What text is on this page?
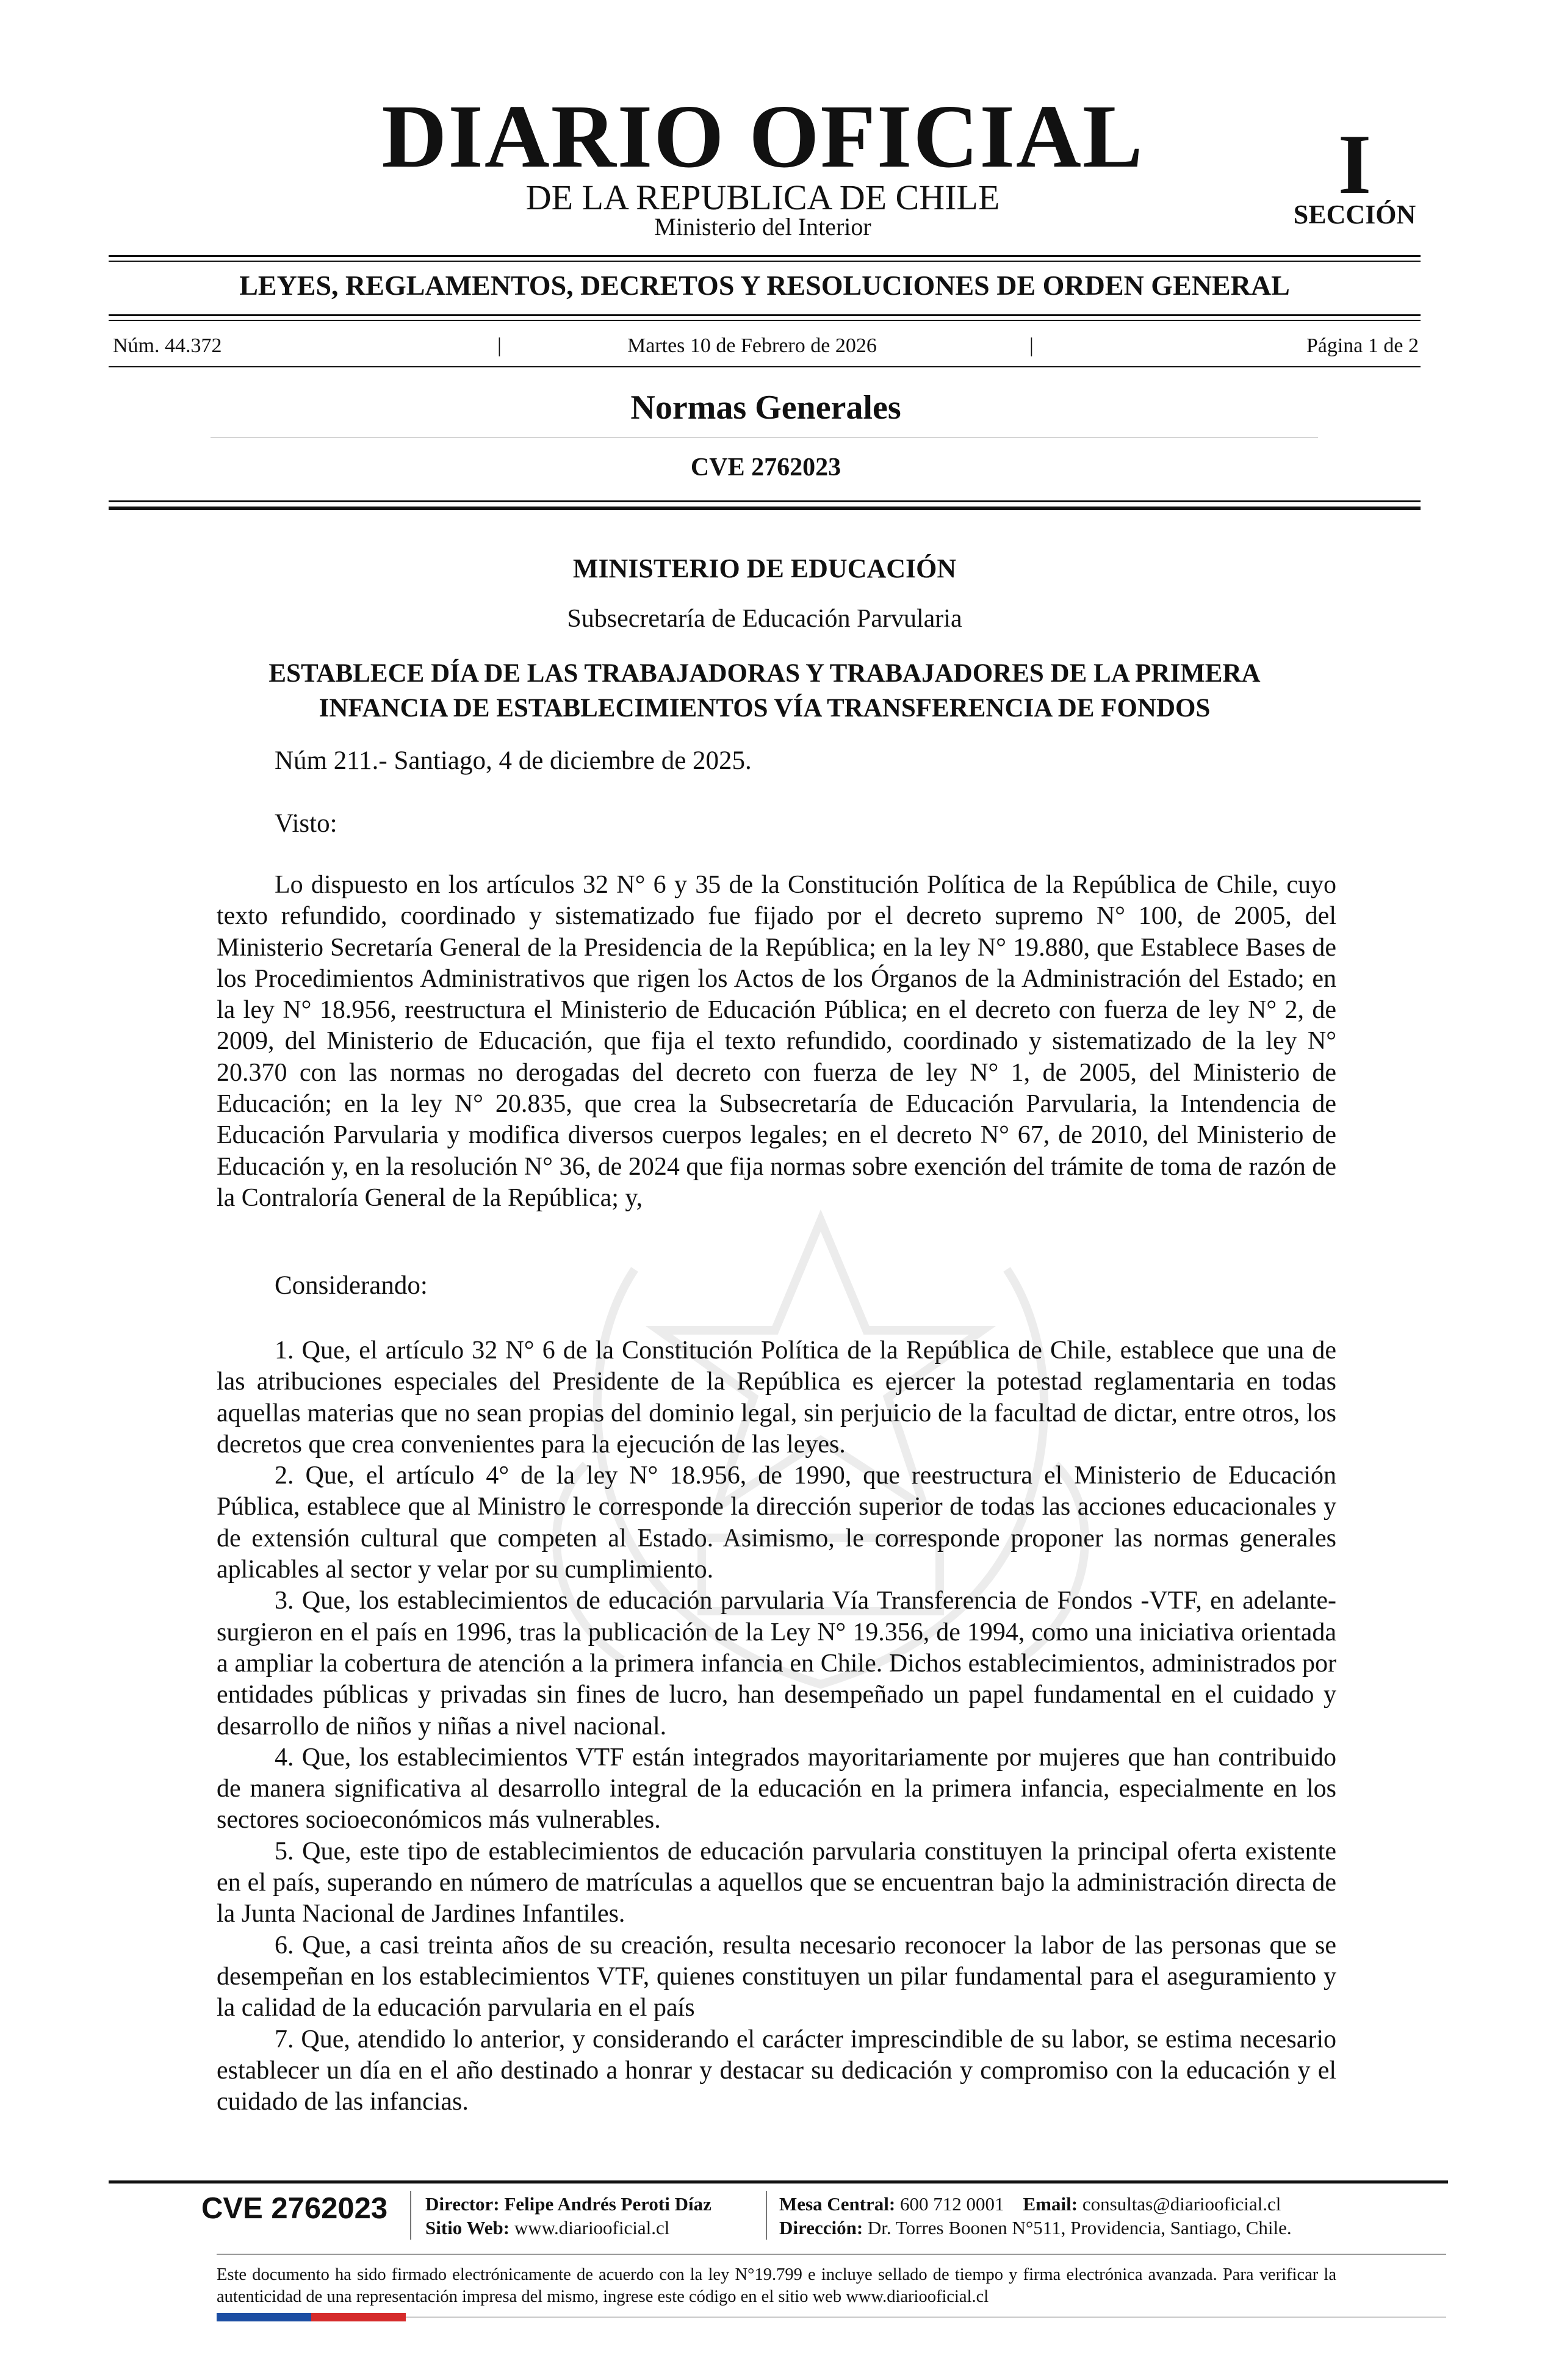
DIARIO OFICIAL
DE LA REPUBLICA DE CHILE
Ministerio del Interior
I
SECCIÓN
LEYES, REGLAMENTOS, DECRETOS Y RESOLUCIONES DE ORDEN GENERAL
Núm. 44.372	|	Martes 10 de Febrero de 2026	|	Página 1 de 2
Normas Generales
CVE 2762023
MINISTERIO DE EDUCACIÓN
Subsecretaría de Educación Parvularia
ESTABLECE DÍA DE LAS TRABAJADORAS Y TRABAJADORES DE LA PRIMERA
INFANCIA DE ESTABLECIMIENTOS VÍA TRANSFERENCIA DE FONDOS
Núm 211.- Santiago, 4 de diciembre de 2025.
Visto:

Lo dispuesto en los artículos 32 N° 6 y 35 de la Constitución Política de la República de Chile, cuyo texto refundido, coordinado y sistematizado fue fijado por el decreto supremo N° 100, de 2005, del Ministerio Secretaría General de la Presidencia de la República; en la ley N° 19.880, que Establece Bases de los Procedimientos Administrativos que rigen los Actos de los Órganos de la Administración del Estado; en la ley N° 18.956, reestructura el Ministerio de Educación Pública; en el decreto con fuerza de ley N° 2, de 2009, del Ministerio de Educación, que fija el texto refundido, coordinado y sistematizado de la ley N° 20.370 con las normas no derogadas del decreto con fuerza de ley N° 1, de 2005, del Ministerio de Educación; en la ley N° 20.835, que crea la Subsecretaría de Educación Parvularia, la Intendencia de Educación Parvularia y modifica diversos cuerpos legales; en el decreto N° 67, de 2010, del Ministerio de Educación y, en la resolución N° 36, de 2024 que fija normas sobre exención del trámite de toma de razón de la Contraloría General de la República; y,

Considerando:

1. Que, el artículo 32 N° 6 de la Constitución Política de la República de Chile, establece que una de las atribuciones especiales del Presidente de la República es ejercer la potestad reglamentaria en todas aquellas materias que no sean propias del dominio legal, sin perjuicio de la facultad de dictar, entre otros, los decretos que crea convenientes para la ejecución de las leyes.

2. Que, el artículo 4° de la ley N° 18.956, de 1990, que reestructura el Ministerio de Educación Pública, establece que al Ministro le corresponde la dirección superior de todas las acciones educacionales y de extensión cultural que competen al Estado. Asimismo, le corresponde proponer las normas generales aplicables al sector y velar por su cumplimiento.

3. Que, los establecimientos de educación parvularia Vía Transferencia de Fondos -VTF, en adelante- surgieron en el país en 1996, tras la publicación de la Ley N° 19.356, de 1994, como una iniciativa orientada a ampliar la cobertura de atención a la primera infancia en Chile. Dichos establecimientos, administrados por entidades públicas y privadas sin fines de lucro, han desempeñado un papel fundamental en el cuidado y desarrollo de niños y niñas a nivel nacional.

4. Que, los establecimientos VTF están integrados mayoritariamente por mujeres que han contribuido de manera significativa al desarrollo integral de la educación en la primera infancia, especialmente en los sectores socioeconómicos más vulnerables.

5. Que, este tipo de establecimientos de educación parvularia constituyen la principal oferta existente en el país, superando en número de matrículas a aquellos que se encuentran bajo la administración directa de la Junta Nacional de Jardines Infantiles.

6. Que, a casi treinta años de su creación, resulta necesario reconocer la labor de las personas que se desempeñan en los establecimientos VTF, quienes constituyen un pilar fundamental para el aseguramiento y la calidad de la educación parvularia en el país

7. Que, atendido lo anterior, y considerando el carácter imprescindible de su labor, se estima necesario establecer un día en el año destinado a honrar y destacar su dedicación y compromiso con la educación y el cuidado de las infancias.

CVE 2762023 Director: Felipe Andrés Peroti Díaz
Sitio Web: www.diariooficial.cl
Mesa Central: 600 712 0001 Email: consultas@diariooficial.cl
Dirección: Dr. Torres Boonen N°511, Providencia, Santiago, Chile.
Este documento ha sido firmado electrónicamente de acuerdo con la ley N°19.799 e incluye sellado de tiempo y firma electrónica avanzada. Para verificar la autenticidad de una representación impresa del mismo, ingrese este código en el sitio web www.diariooficial.cl
